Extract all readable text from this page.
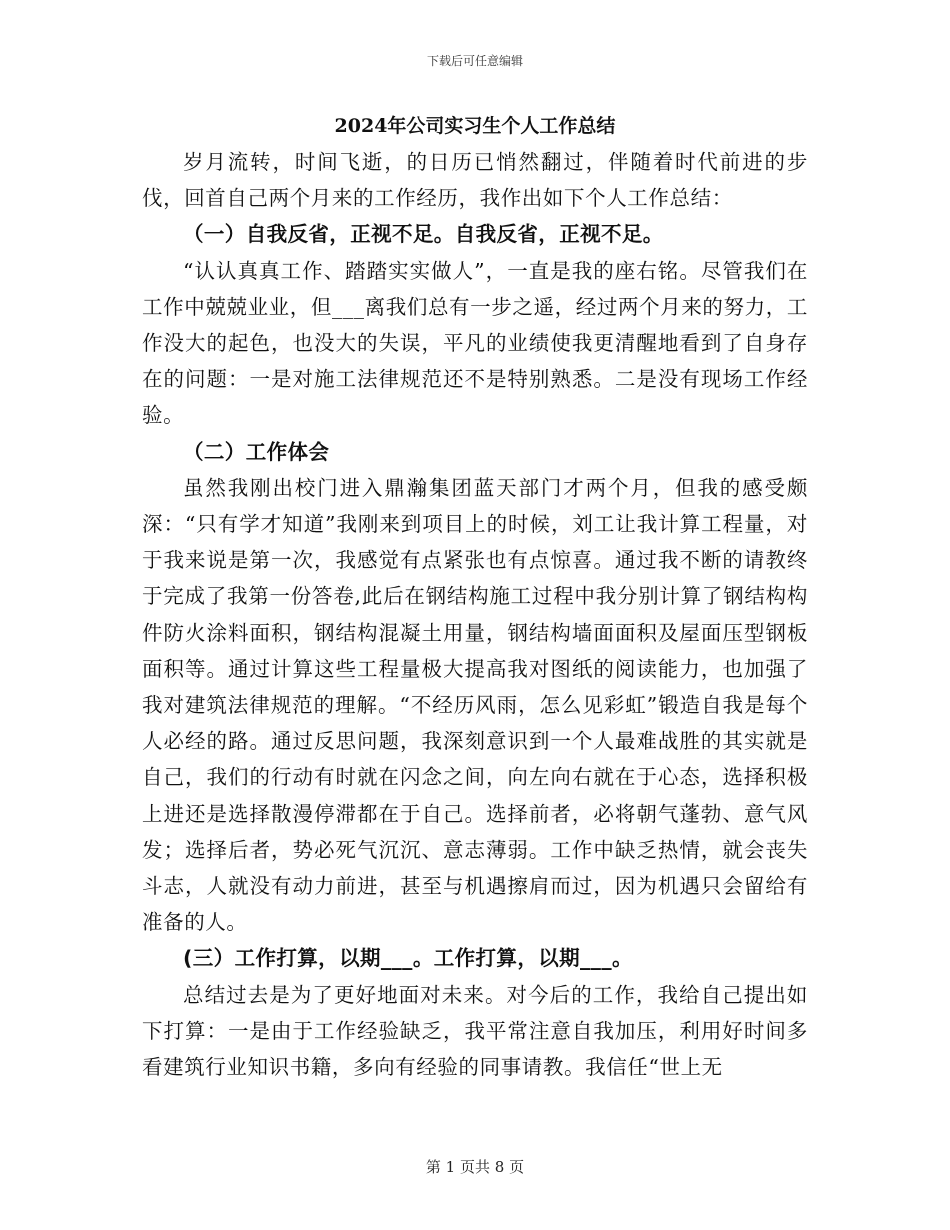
下载后可任意编辑
2024年公司实习生个人工作总结

岁月流转，时间飞逝，的日历已悄然翻过，伴随着时代前进的步伐，回首自己两个月来的工作经历，我作出如下个人工作总结：

（一）自我反省，正视不足。自我反省，正视不足。

“认认真真工作、踏踏实实做人”，一直是我的座右铭。尽管我们在工作中兢兢业业，但___离我们总有一步之遥，经过两个月来的努力，工作没大的起色，也没大的失误，平凡的业绩使我更清醒地看到了自身存在的问题：一是对施工法律规范还不是特别熟悉。二是没有现场工作经验。

（二）工作体会

虽然我刚出校门进入鼎瀚集团蓝天部门才两个月，但我的感受颇深：“只有学才知道”我刚来到项目上的时候，刘工让我计算工程量，对于我来说是第一次，我感觉有点紧张也有点惊喜。通过我不断的请教终于完成了我第一份答卷,此后在钢结构施工过程中我分别计算了钢结构构件防火涂料面积，钢结构混凝土用量，钢结构墙面面积及屋面压型钢板面积等。通过计算这些工程量极大提高我对图纸的阅读能力，也加强了我对建筑法律规范的理解。“不经历风雨，怎么见彩虹”锻造自我是每个人必经的路。通过反思问题，我深刻意识到一个人最难战胜的其实就是自己，我们的行动有时就在闪念之间，向左向右就在于心态，选择积极上进还是选择散漫停滞都在于自己。选择前者，必将朝气蓬勃、意气风发；选择后者，势必死气沉沉、意志薄弱。工作中缺乏热情，就会丧失斗志，人就没有动力前进，甚至与机遇擦肩而过，因为机遇只会留给有准备的人。

(三）工作打算，以期___。工作打算，以期___。

总结过去是为了更好地面对未来。对今后的工作，我给自己提出如下打算：一是由于工作经验缺乏，我平常注意自我加压，利用好时间多看建筑行业知识书籍，多向有经验的同事请教。我信任“世上无

第 1 页共 8 页
